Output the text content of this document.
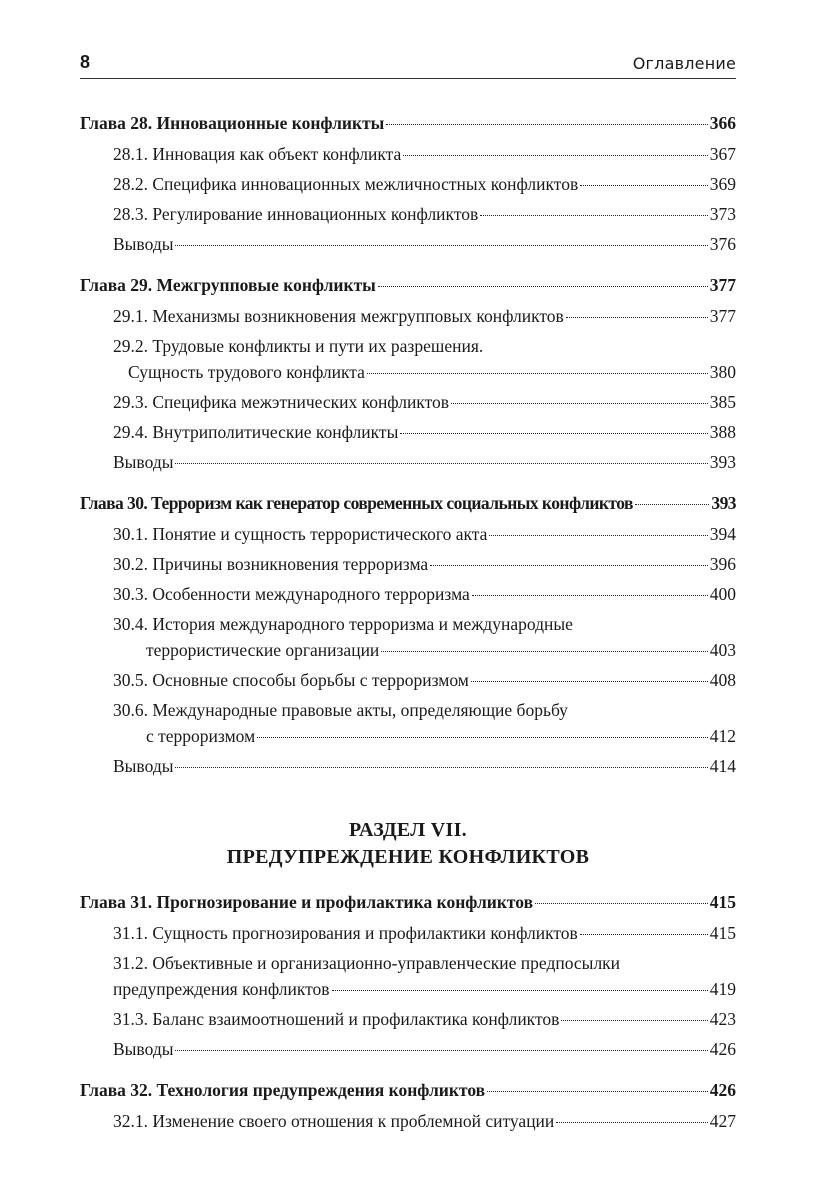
8	Оглавление
Глава 28. Инновационные конфликты	366
28.1. Инновация как объект конфликта	367
28.2. Специфика инновационных межличностных конфликтов	369
28.3. Регулирование инновационных конфликтов	373
Выводы	376
Глава 29. Межгрупповые конфликты	377
29.1. Механизмы возникновения межгрупповых конфликтов	377
29.2. Трудовые конфликты и пути их разрешения.
Сущность трудового конфликта	380
29.3. Специфика межэтнических конфликтов	385
29.4. Внутриполитические конфликты	388
Выводы	393
Глава 30. Терроризм как генератор современных социальных конфликтов	393
30.1. Понятие и сущность террористического акта	394
30.2. Причины возникновения терроризма	396
30.3. Особенности международного терроризма	400
30.4. История международного терроризма и международные
террористические организации	403
30.5. Основные способы борьбы с терроризмом	408
30.6. Международные правовые акты, определяющие борьбу
с терроризмом	412
Выводы	414
РАЗДЕЛ VII.
ПРЕДУПРЕЖДЕНИЕ КОНФЛИКТОВ
Глава 31. Прогнозирование и профилактика конфликтов	415
31.1. Сущность прогнозирования и профилактики конфликтов	415
31.2. Объективные и организационно-управленческие предпосылки
предупреждения конфликтов	419
31.3. Баланс взаимоотношений и профилактика конфликтов	423
Выводы	426
Глава 32. Технология предупреждения конфликтов	426
32.1. Изменение своего отношения к проблемной ситуации	427
